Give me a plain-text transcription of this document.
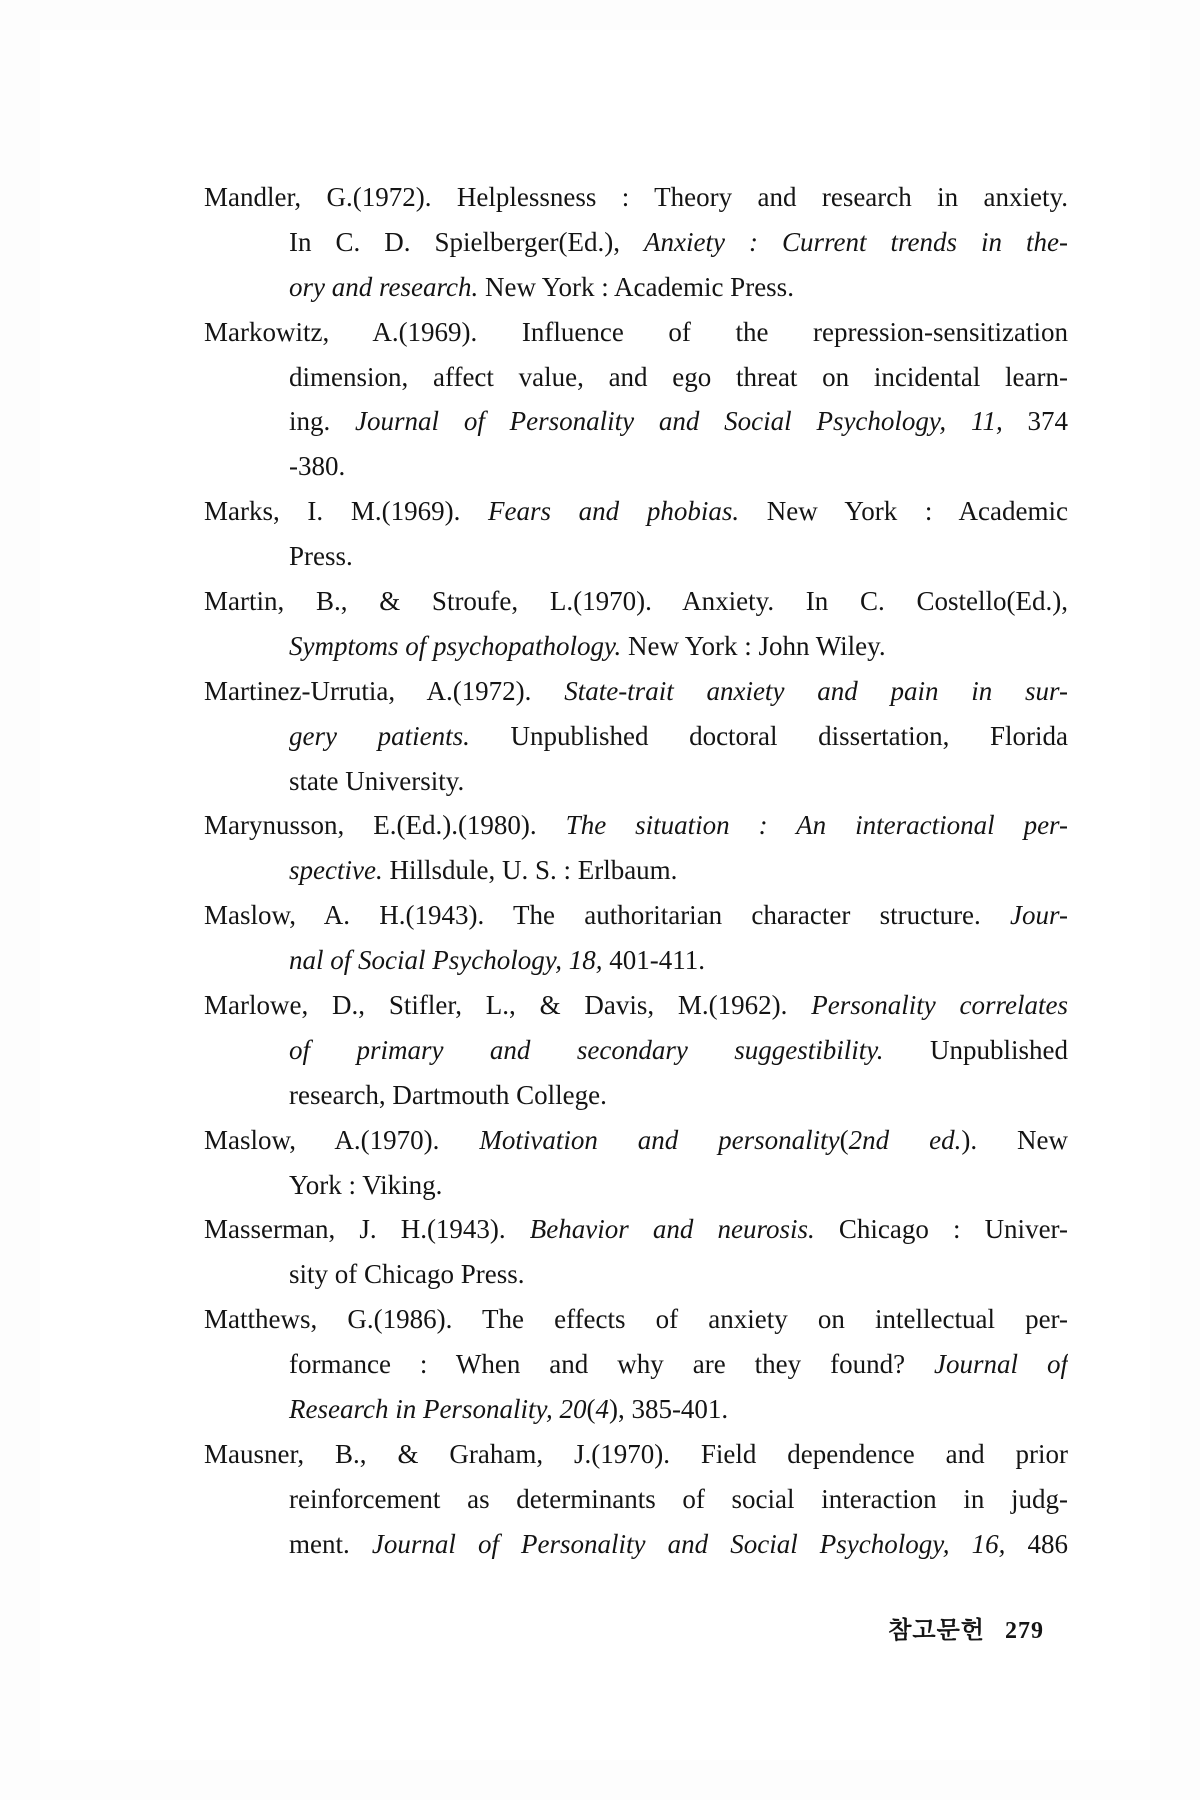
Mandler, G.(1972). Helplessness : Theory and research in anxiety.
In C. D. Spielberger(Ed.), Anxiety : Current trends in the-
ory and research. New York : Academic Press.
Markowitz, A.(1969). Influence of the repression-sensitization
dimension, affect value, and ego threat on incidental learn-
ing. Journal of Personality and Social Psychology, 11, 374
-380.
Marks, I. M.(1969). Fears and phobias. New York : Academic
Press.
Martin, B., & Stroufe, L.(1970). Anxiety. In C. Costello(Ed.),
Symptoms of psychopathology. New York : John Wiley.
Martinez-Urrutia, A.(1972). State-trait anxiety and pain in sur-
gery patients. Unpublished doctoral dissertation, Florida
state University.
Marynusson, E.(Ed.).(1980). The situation : An interactional per-
spective. Hillsdule, U. S. : Erlbaum.
Maslow, A. H.(1943). The authoritarian character structure. Jour-
nal of Social Psychology, 18, 401-411.
Marlowe, D., Stifler, L., & Davis, M.(1962). Personality correlates
of primary and secondary suggestibility. Unpublished
research, Dartmouth College.
Maslow, A.(1970). Motivation and personality(2nd ed.). New
York : Viking.
Masserman, J. H.(1943). Behavior and neurosis. Chicago : Univer-
sity of Chicago Press.
Matthews, G.(1986). The effects of anxiety on intellectual per-
formance : When and why are they found? Journal of
Research in Personality, 20(4), 385-401.
Mausner, B., & Graham, J.(1970). Field dependence and prior
reinforcement as determinants of social interaction in judg-
ment. Journal of Personality and Social Psychology, 16, 486
참고문헌 279
